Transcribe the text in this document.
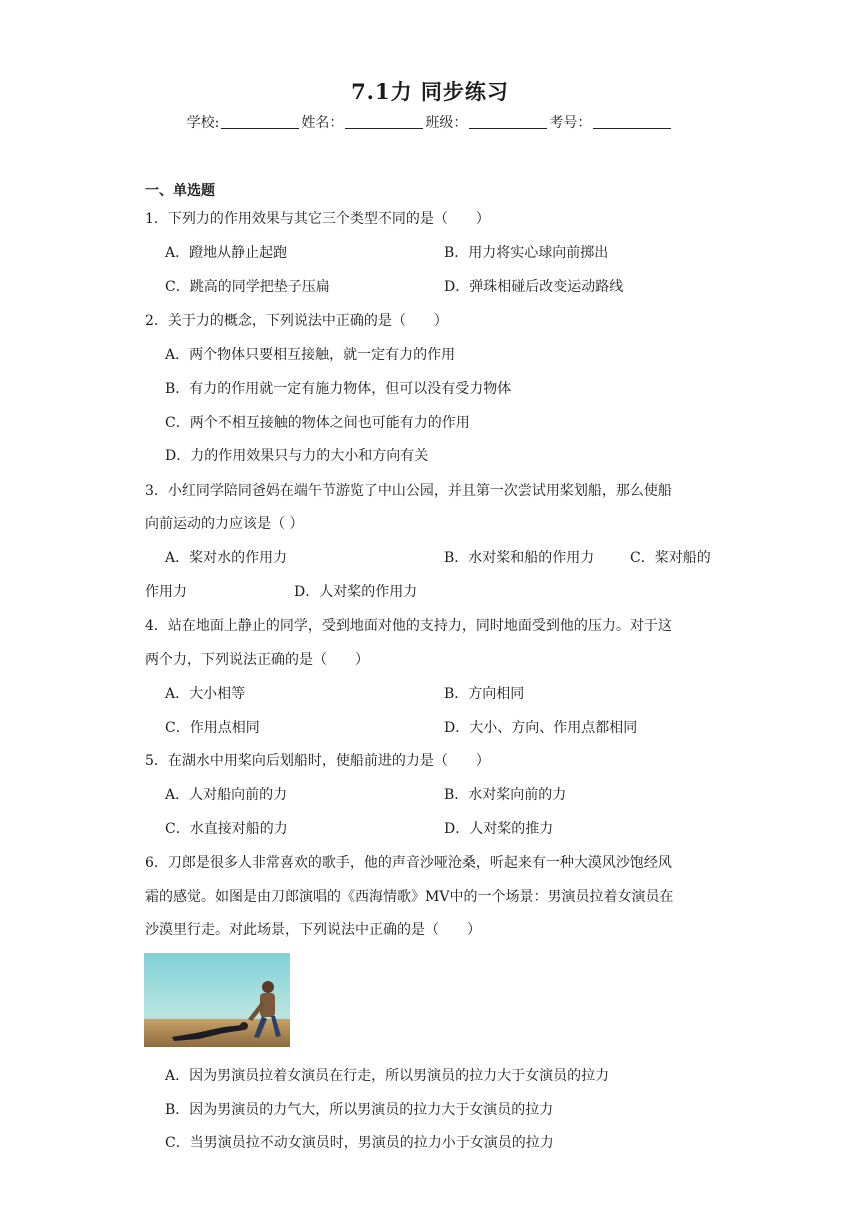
7.1力 同步练习
学校:	姓名：	班级：	考号：
一、单选题
1．下列力的作用效果与其它三个类型不同的是（　　）
A．蹬地从静止起跑	B．用力将实心球向前掷出
C．跳高的同学把垫子压扁	D．弹珠相碰后改变运动路线
2．关于力的概念，下列说法中正确的是（　　）
A．两个物体只要相互接触，就一定有力的作用
B．有力的作用就一定有施力物体，但可以没有受力物体
C．两个不相互接触的物体之间也可能有力的作用
D．力的作用效果只与力的大小和方向有关
3．小红同学陪同爸妈在端午节游览了中山公园，并且第一次尝试用桨划船，那么使船
向前运动的力应该是（ ）
A．桨对水的作用力	B．水对桨和船的作用力	C．桨对船的
作用力	D．人对桨的作用力
4．站在地面上静止的同学，受到地面对他的支持力，同时地面受到他的压力。对于这
两个力，下列说法正确的是（　　）
A．大小相等	B．方向相同
C．作用点相同	D．大小、方向、作用点都相同
5．在湖水中用桨向后划船时，使船前进的力是（　　）
A．人对船向前的力	B．水对桨向前的力
C．水直接对船的力	D．人对桨的推力
6．刀郎是很多人非常喜欢的歌手，他的声音沙哑沧桑，听起来有一种大漠风沙饱经风
霜的感觉。如图是由刀郎演唱的《西海情歌》MV中的一个场景：男演员拉着女演员在
沙漠里行走。对此场景，下列说法中正确的是（　　）
A．因为男演员拉着女演员在行走，所以男演员的拉力大于女演员的拉力
B．因为男演员的力气大，所以男演员的拉力大于女演员的拉力
C．当男演员拉不动女演员时，男演员的拉力小于女演员的拉力
